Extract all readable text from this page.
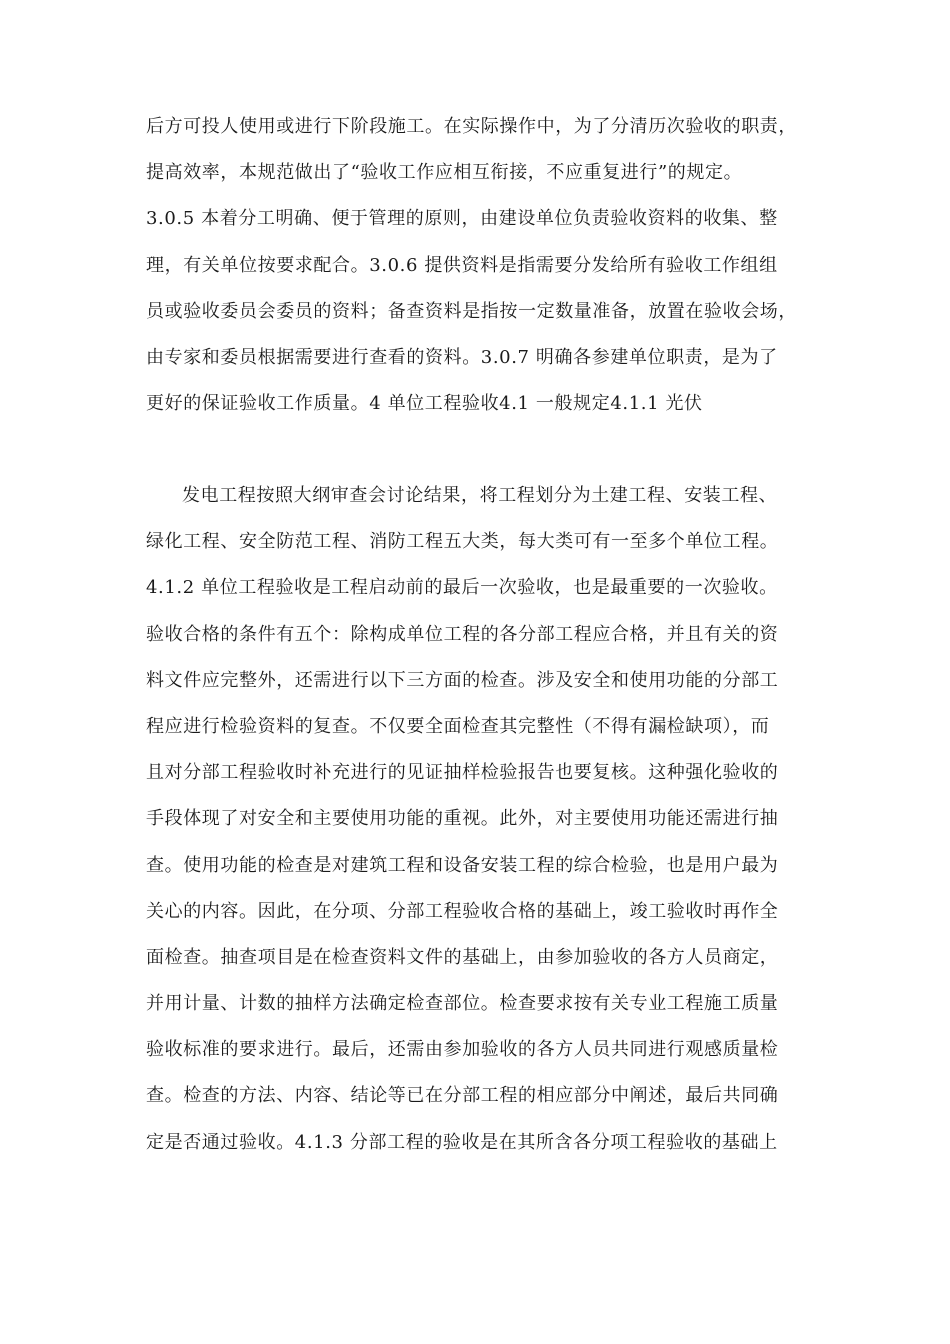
后方可投人使用或进行下阶段施工。在实际操作中，为了分清历次验收的职责，
提高效率，本规范做出了“验收工作应相互衔接，不应重复进行”的规定。
3.0.5 本着分工明确、便于管理的原则，由建设单位负责验收资料的收集、整
理，有关单位按要求配合。3.0.6 提供资料是指需要分发给所有验收工作组组
员或验收委员会委员的资料；备查资料是指按一定数量准备，放置在验收会场，
由专家和委员根据需要进行查看的资料。3.0.7 明确各参建单位职责，是为了
更好的保证验收工作质量。4 单位工程验收4.1 一般规定4.1.1 光伏
发电工程按照大纲审查会讨论结果，将工程划分为土建工程、安装工程、
绿化工程、安全防范工程、消防工程五大类，每大类可有一至多个单位工程。
4.1.2 单位工程验收是工程启动前的最后一次验收，也是最重要的一次验收。
验收合格的条件有五个：除构成单位工程的各分部工程应合格，并且有关的资
料文件应完整外，还需进行以下三方面的检查。涉及安全和使用功能的分部工
程应进行检验资料的复查。不仅要全面检查其完整性（不得有漏检缺项），而
且对分部工程验收时补充进行的见证抽样检验报告也要复核。这种强化验收的
手段体现了对安全和主要使用功能的重视。此外，对主要使用功能还需进行抽
查。使用功能的检查是对建筑工程和设备安装工程的综合检验，也是用户最为
关心的内容。因此，在分项、分部工程验收合格的基础上，竣工验收时再作全
面检查。抽查项目是在检查资料文件的基础上，由参加验收的各方人员商定，
并用计量、计数的抽样方法确定检查部位。检查要求按有关专业工程施工质量
验收标准的要求进行。最后，还需由参加验收的各方人员共同进行观感质量检
查。检查的方法、内容、结论等已在分部工程的相应部分中阐述，最后共同确
定是否通过验收。4.1.3 分部工程的验收是在其所含各分项工程验收的基础上
